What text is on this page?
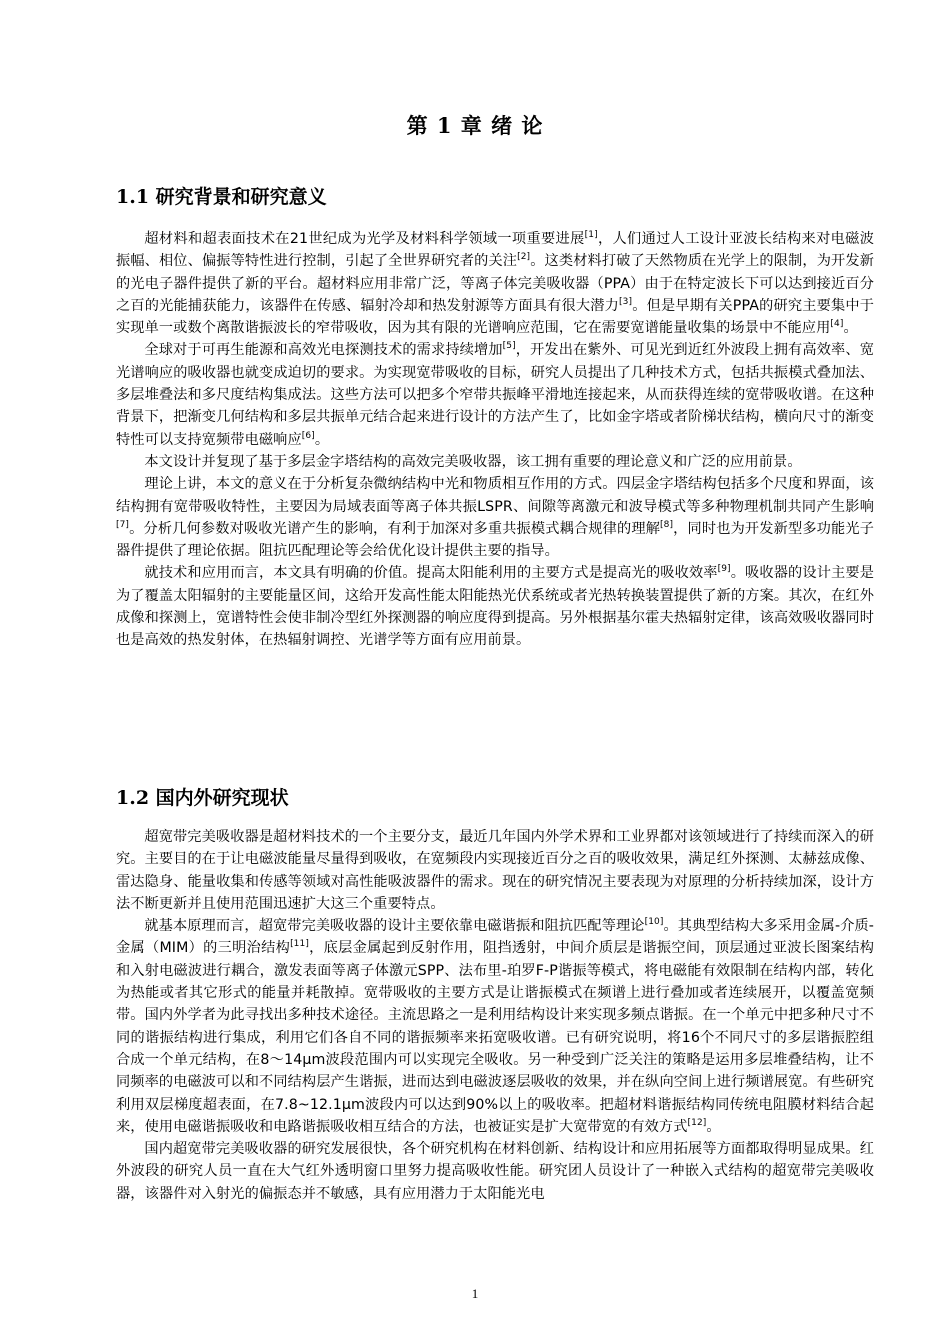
第 1 章 绪 论
1.1 研究背景和研究意义

超材料和超表面技术在21世纪成为光学及材料科学领域一项重要进展[1]，人们通过人工设计亚波长结构来对电磁波振幅、相位、偏振等特性进行控制，引起了全世界研究者的关注[2]。这类材料打破了天然物质在光学上的限制，为开发新的光电子器件提供了新的平台。超材料应用非常广泛，等离子体完美吸收器（PPA）由于在特定波长下可以达到接近百分之百的光能捕获能力，该器件在传感、辐射冷却和热发射源等方面具有很大潜力[3]。但是早期有关PPA的研究主要集中于实现单一或数个离散谐振波长的窄带吸收，因为其有限的光谱响应范围，它在需要宽谱能量收集的场景中不能应用[4]。

全球对于可再生能源和高效光电探测技术的需求持续增加[5]，开发出在紫外、可见光到近红外波段上拥有高效率、宽光谱响应的吸收器也就变成迫切的要求。为实现宽带吸收的目标，研究人员提出了几种技术方式，包括共振模式叠加法、多层堆叠法和多尺度结构集成法。这些方法可以把多个窄带共振峰平滑地连接起来，从而获得连续的宽带吸收谱。在这种背景下，把渐变几何结构和多层共振单元结合起来进行设计的方法产生了，比如金字塔或者阶梯状结构，横向尺寸的渐变特性可以支持宽频带电磁响应[6]。

本文设计并复现了基于多层金字塔结构的高效完美吸收器，该工拥有重要的理论意义和广泛的应用前景。

理论上讲，本文的意义在于分析复杂微纳结构中光和物质相互作用的方式。四层金字塔结构包括多个尺度和界面，该结构拥有宽带吸收特性，主要因为局域表面等离子体共振LSPR、间隙等离激元和波导模式等多种物理机制共同产生影响[7]。分析几何参数对吸收光谱产生的影响，有利于加深对多重共振模式耦合规律的理解[8]，同时也为开发新型多功能光子器件提供了理论依据。阻抗匹配理论等会给优化设计提供主要的指导。

就技术和应用而言，本文具有明确的价值。提高太阳能利用的主要方式是提高光的吸收效率[9]。吸收器的设计主要是为了覆盖太阳辐射的主要能量区间，这给开发高性能太阳能热光伏系统或者光热转换装置提供了新的方案。其次，在红外成像和探测上，宽谱特性会使非制冷型红外探测器的响应度得到提高。另外根据基尔霍夫热辐射定律，该高效吸收器同时也是高效的热发射体，在热辐射调控、光谱学等方面有应用前景。

1.2 国内外研究现状

超宽带完美吸收器是超材料技术的一个主要分支，最近几年国内外学术界和工业界都对该领域进行了持续而深入的研究。主要目的在于让电磁波能量尽量得到吸收，在宽频段内实现接近百分之百的吸收效果，满足红外探测、太赫兹成像、雷达隐身、能量收集和传感等领域对高性能吸波器件的需求。现在的研究情况主要表现为对原理的分析持续加深，设计方法不断更新并且使用范围迅速扩大这三个重要特点。

就基本原理而言，超宽带完美吸收器的设计主要依靠电磁谐振和阻抗匹配等理论[10]。其典型结构大多采用金属-介质-金属（MIM）的三明治结构[11]，底层金属起到反射作用，阻挡透射，中间介质层是谐振空间，顶层通过亚波长图案结构和入射电磁波进行耦合，激发表面等离子体激元SPP、法布里-珀罗F-P谐振等模式，将电磁能有效限制在结构内部，转化为热能或者其它形式的能量并耗散掉。宽带吸收的主要方式是让谐振模式在频谱上进行叠加或者连续展开，以覆盖宽频带。国内外学者为此寻找出多种技术途径。主流思路之一是利用结构设计来实现多频点谐振。在一个单元中把多种尺寸不同的谐振结构进行集成，利用它们各自不同的谐振频率来拓宽吸收谱。已有研究说明，将16个不同尺寸的多层谐振腔组合成一个单元结构，在8～14μm波段范围内可以实现完全吸收。另一种受到广泛关注的策略是运用多层堆叠结构，让不同频率的电磁波可以和不同结构层产生谐振，进而达到电磁波逐层吸收的效果，并在纵向空间上进行频谱展宽。有些研究利用双层梯度超表面，在7.8~12.1μm波段内可以达到90%以上的吸收率。把超材料谐振结构同传统电阻膜材料结合起来，使用电磁谐振吸收和电路谐振吸收相互结合的方法，也被证实是扩大宽带宽的有效方式[12]。

国内超宽带完美吸收器的研究发展很快，各个研究机构在材料创新、结构设计和应用拓展等方面都取得明显成果。红外波段的研究人员一直在大气红外透明窗口里努力提高吸收性能。研究团人员设计了一种嵌入式结构的超宽带完美吸收器，该器件对入射光的偏振态并不敏感，具有应用潜力于太阳能光电

1
